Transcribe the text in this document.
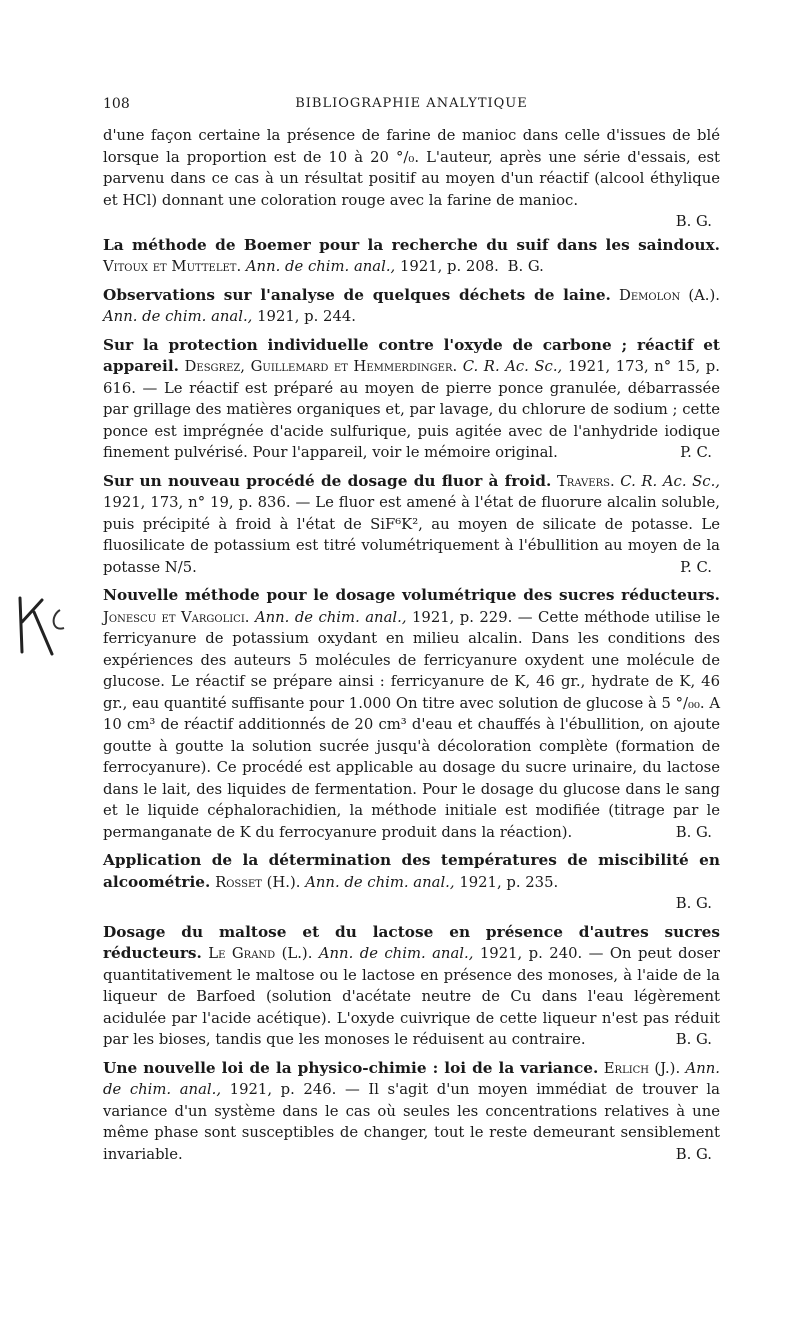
108	BIBLIOGRAPHIE ANALYTIQUE

d'une façon certaine la présence de farine de manioc dans celle d'issues de blé lorsque la proportion est de 10 à 20 °/₀. L'auteur, après une série d'essais, est parvenu dans ce cas à un résultat positif au moyen d'un réactif (alcool éthylique et HCl) donnant une coloration rouge avec la farine de manioc.
B. G.

La méthode de Boemer pour la recherche du suif dans les saindoux. Vitoux et Muttelet. Ann. de chim. anal., 1921, p. 208. B. G.
Observations sur l'analyse de quelques déchets de laine. Demolon (A.). Ann. de chim. anal., 1921, p. 244.
Sur la protection individuelle contre l'oxyde de carbone ; réactif et appareil. Desgrez, Guillemard et Hemmerdinger. C. R. Ac. Sc., 1921, 173, n° 15, p. 616. — Le réactif est préparé au moyen de pierre ponce granulée, débarrassée par grillage des matières organiques et, par lavage, du chlorure de sodium ; cette ponce est imprégnée d'acide sulfurique, puis agitée avec de l'anhydride iodique finement pulvérisé. Pour l'appareil, voir le mémoire original.	P. C.
Sur un nouveau procédé de dosage du fluor à froid. Travers. C. R. Ac. Sc., 1921, 173, n° 19, p. 836. — Le fluor est amené à l'état de fluorure alcalin soluble, puis précipité à froid à l'état de SiF⁶K², au moyen de silicate de potasse. Le fluosilicate de potassium est titré volumétriquement à l'ébullition au moyen de la potasse N/5.	P. C.
Nouvelle méthode pour le dosage volumétrique des sucres réducteurs. Jonescu et Vargolici. Ann. de chim. anal., 1921, p. 229. — Cette méthode utilise le ferricyanure de potassium oxydant en milieu alcalin. Dans les conditions des expériences des auteurs 5 molécules de ferricyanure oxydent une molécule de glucose. Le réactif se prépare ainsi : ferricyanure de K, 46 gr., hydrate de K, 46 gr., eau quantité suffisante pour 1.000 On titre avec solution de glucose à 5 °/₀₀. A 10 cm³ de réactif additionnés de 20 cm³ d'eau et chauffés à l'ébullition, on ajoute goutte à goutte la solution sucrée jusqu'à décoloration complète (formation de ferrocyanure). Ce procédé est applicable au dosage du sucre urinaire, du lactose dans le lait, des liquides de fermentation. Pour le dosage du glucose dans le sang et le liquide céphalorachidien, la méthode initiale est modifiée (titrage par le permanganate de K du ferrocyanure produit dans la réaction).	B. G.
Application de la détermination des températures de miscibilité en alcoométrie. Rosset (H.). Ann. de chim. anal., 1921, p. 235.
B. G.
Dosage du maltose et du lactose en présence d'autres sucres réducteurs. Le Grand (L.). Ann. de chim. anal., 1921, p. 240. — On peut doser quantitativement le maltose ou le lactose en présence des monoses, à l'aide de la liqueur de Barfoed (solution d'acétate neutre de Cu dans l'eau légèrement acidulée par l'acide acétique). L'oxyde cuivrique de cette liqueur n'est pas réduit par les bioses, tandis que les monoses le réduisent au contraire.	B. G.
Une nouvelle loi de la physico-chimie : loi de la variance. Erlich (J.). Ann. de chim. anal., 1921, p. 246. — Il s'agit d'un moyen immédiat de trouver la variance d'un système dans le cas où seules les concentrations relatives à une même phase sont susceptibles de changer, tout le reste demeurant sensiblement invariable.	B. G.
